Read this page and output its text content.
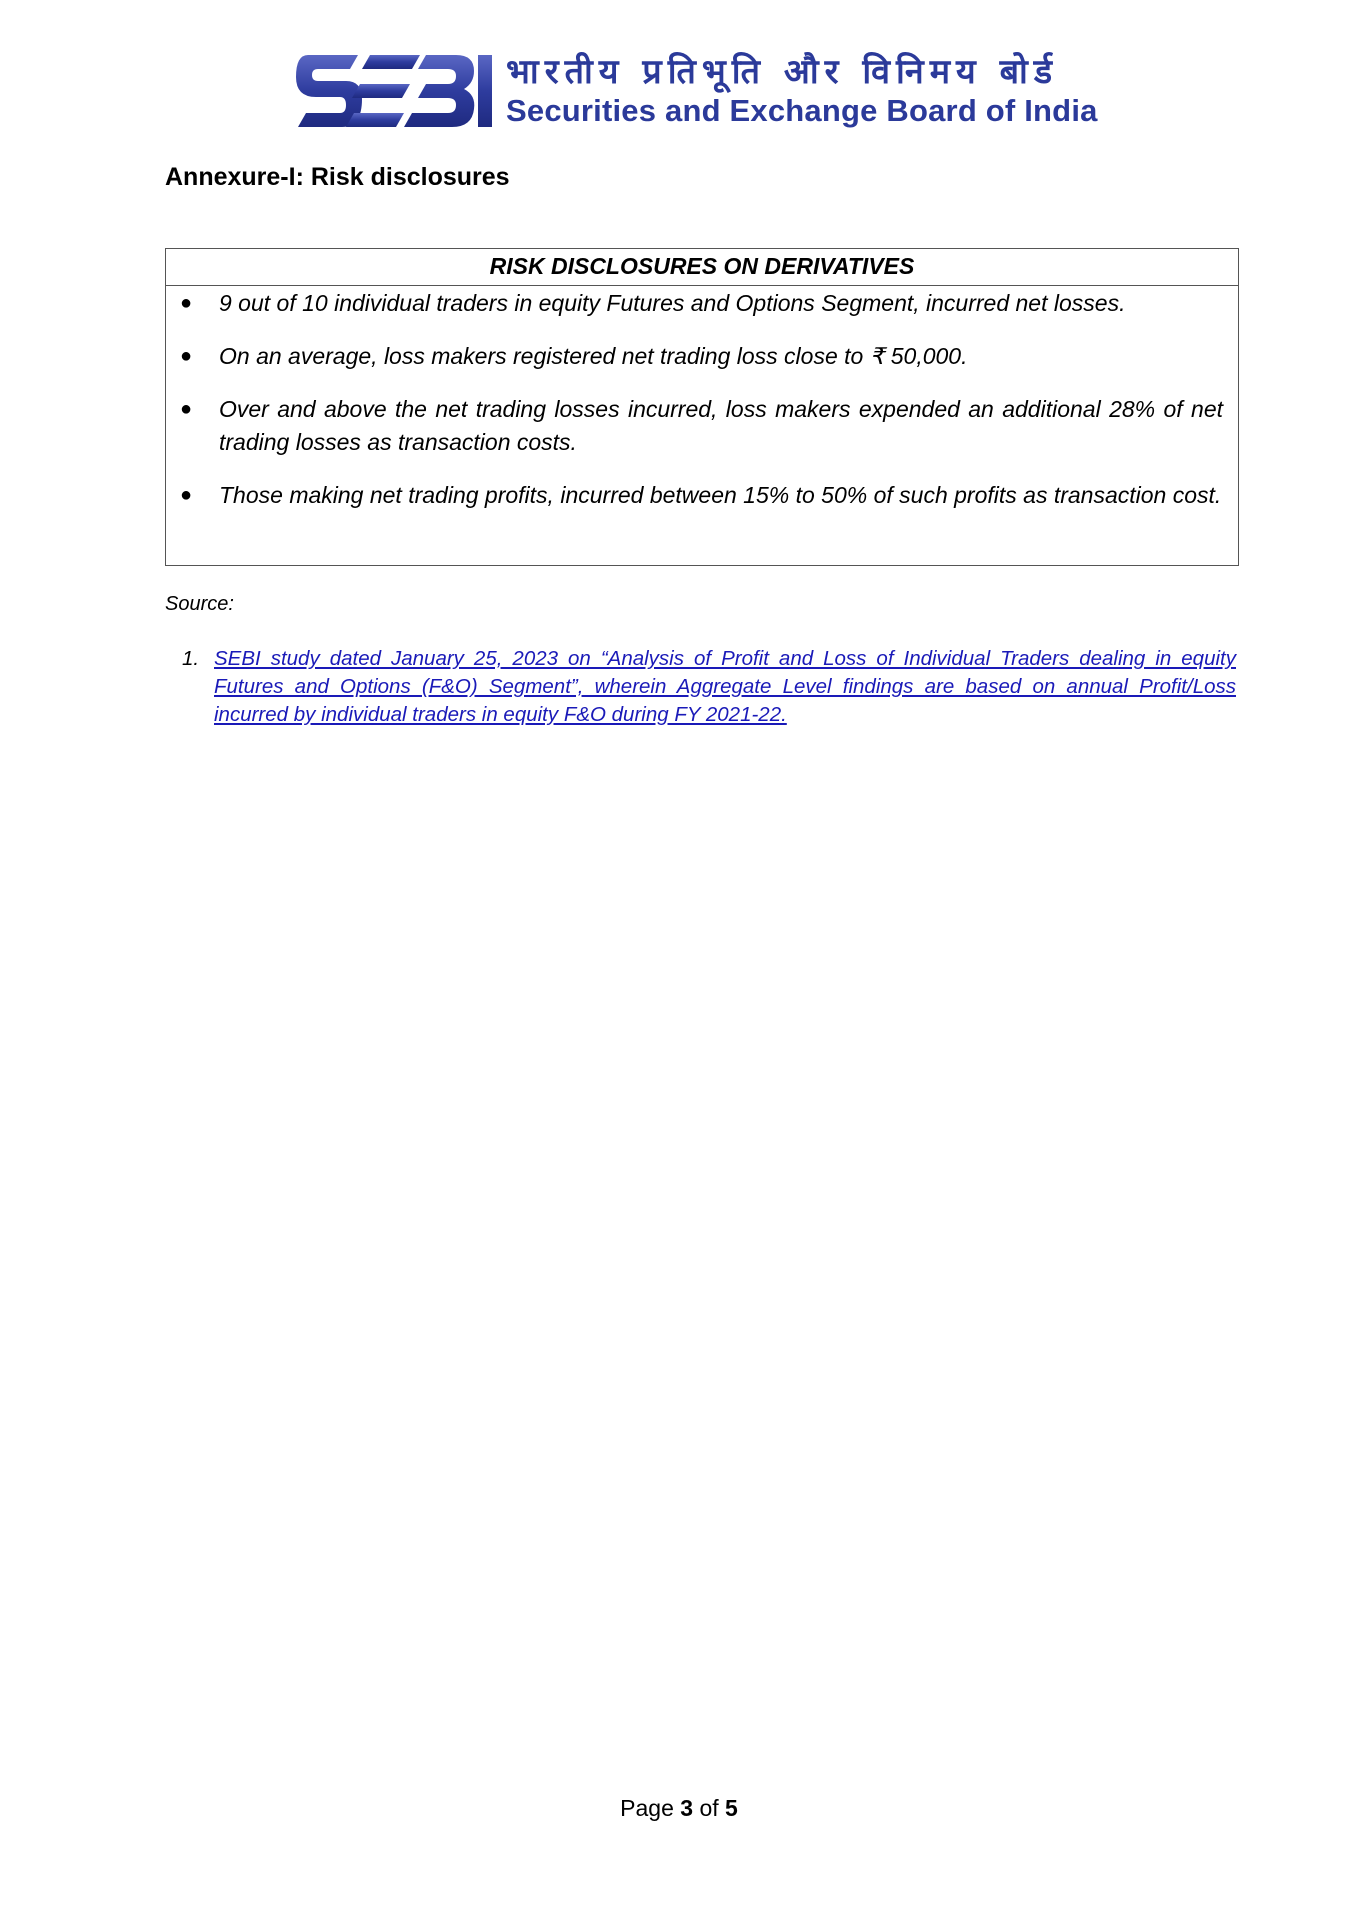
भारतीय प्रतिभूति और विनिमय बोर्ड
Securities and Exchange Board of India
Annexure-I: Risk disclosures
RISK DISCLOSURES ON DERIVATIVES
● 9 out of 10 individual traders in equity Futures and Options Segment, incurred net losses.
● On an average, loss makers registered net trading loss close to ₹ 50,000.
● Over and above the net trading losses incurred, loss makers expended an additional 28% of net trading losses as transaction costs.
● Those making net trading profits, incurred between 15% to 50% of such profits as transaction cost.
Source:
1. SEBI study dated January 25, 2023 on “Analysis of Profit and Loss of Individual Traders dealing in equity Futures and Options (F&O) Segment”, wherein Aggregate Level findings are based on annual Profit/Loss incurred by individual traders in equity F&O during FY 2021-22.
Page 3 of 5
